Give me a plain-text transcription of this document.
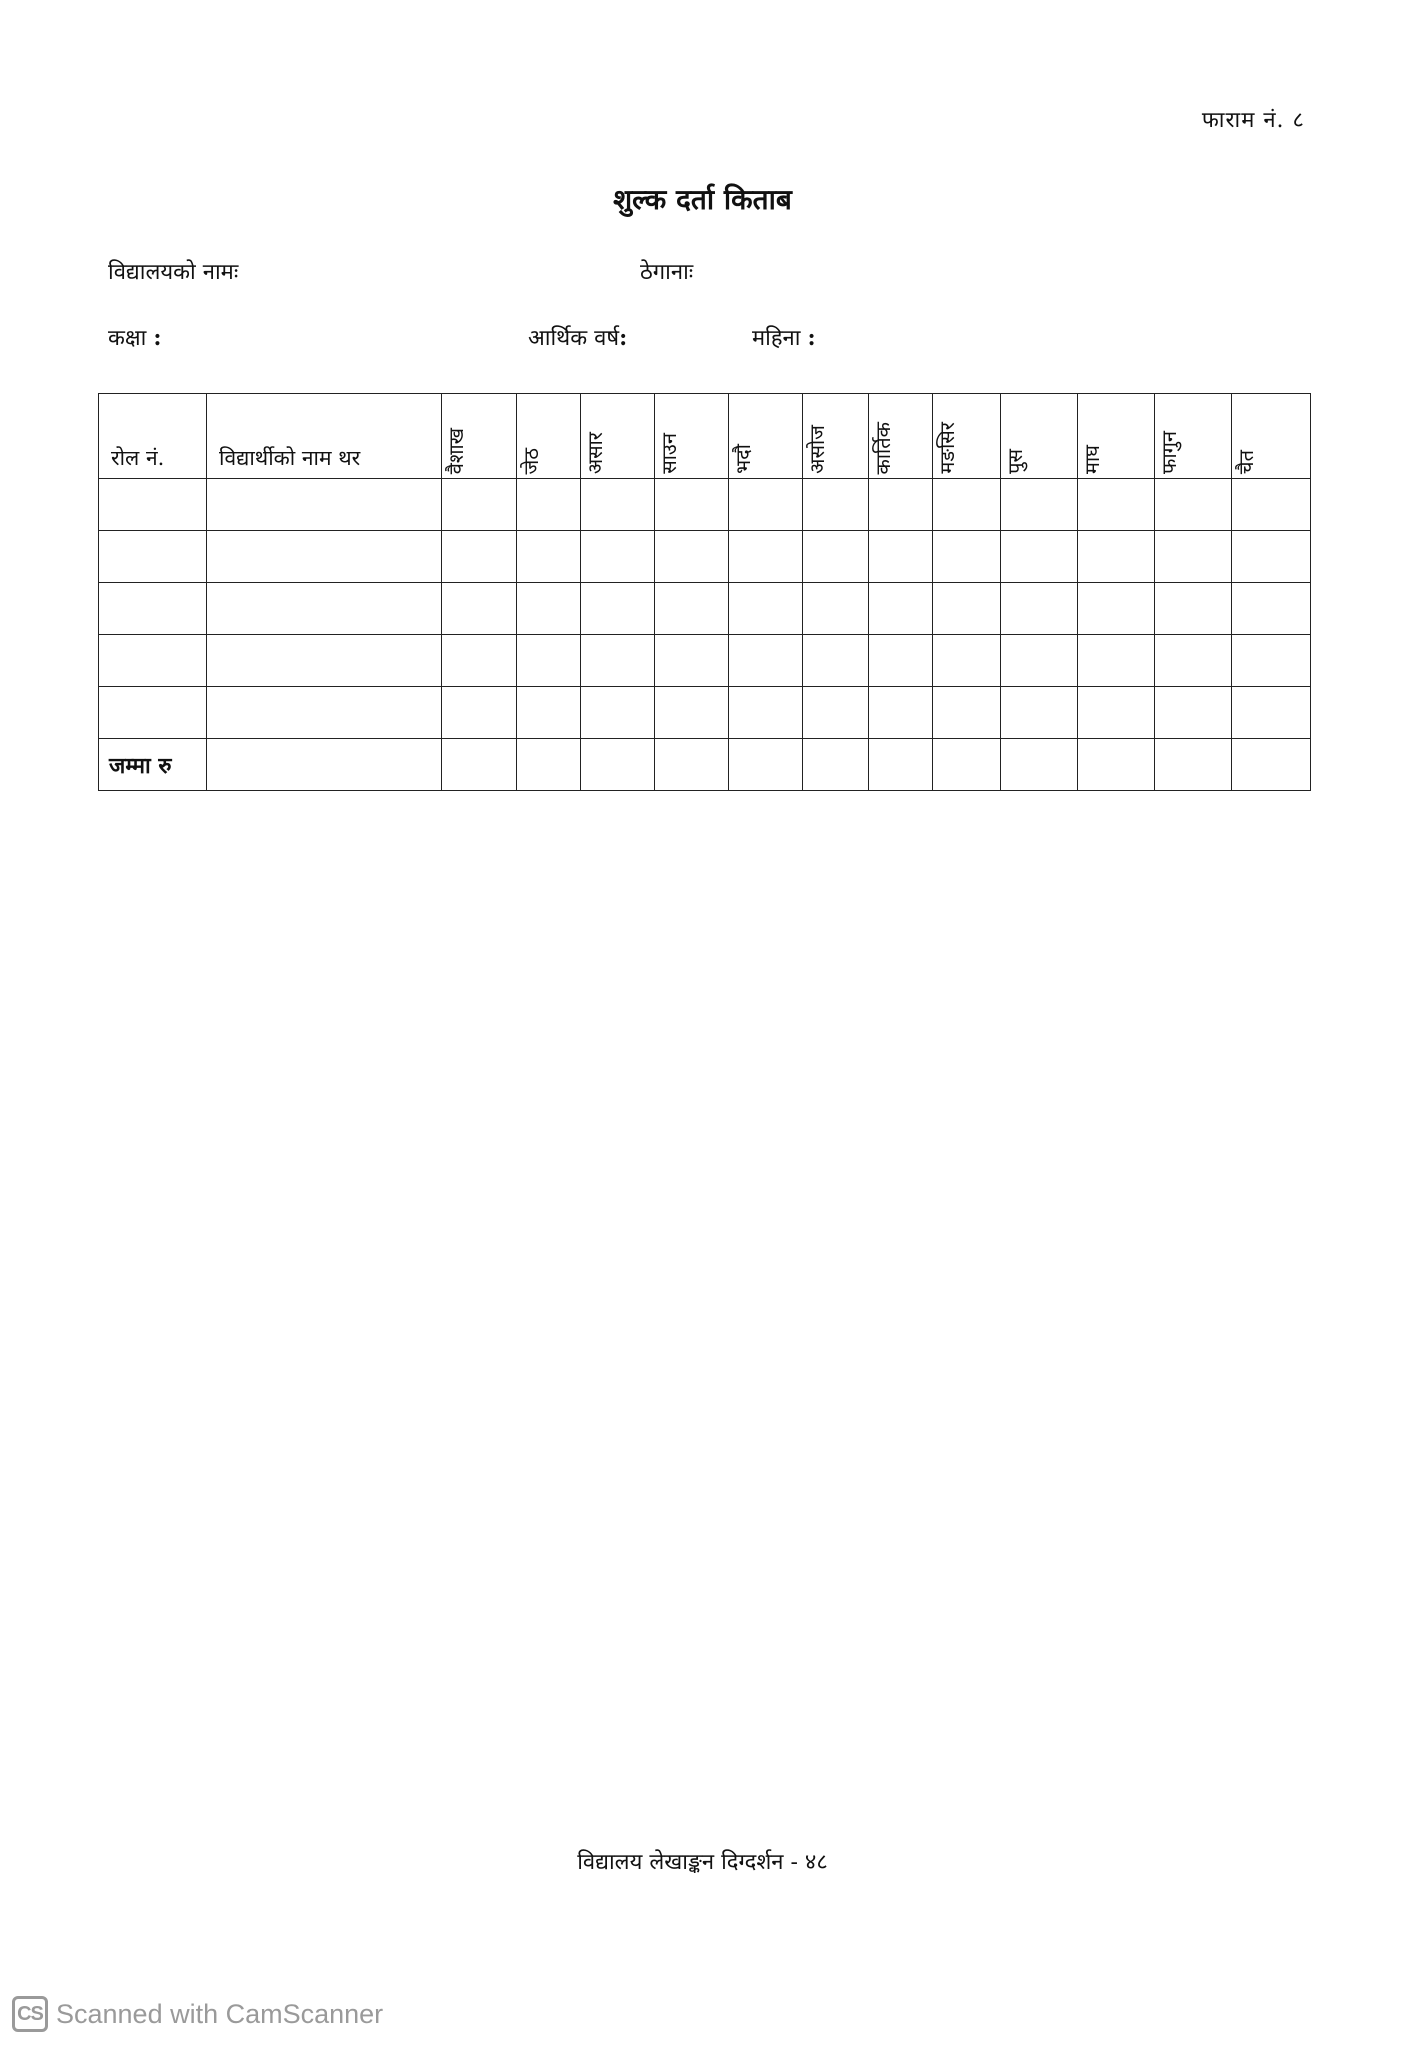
फाराम नं. ८
शुल्क दर्ता किताब
विद्यालयको नामः	ठेगानाः
कक्षा :	आर्थिक वर्ष:	महिना :
रोल नं.	विद्यार्थीको नाम थर	वैशाख	जेठ	असार	साउन	भदौ	असोज	कार्तिक	मङसिर	पुस	माघ	फागुन	चैत

जम्मा रु													
विद्यालय लेखाङ्कन दिग्दर्शन - ४८
CS Scanned with CamScanner
